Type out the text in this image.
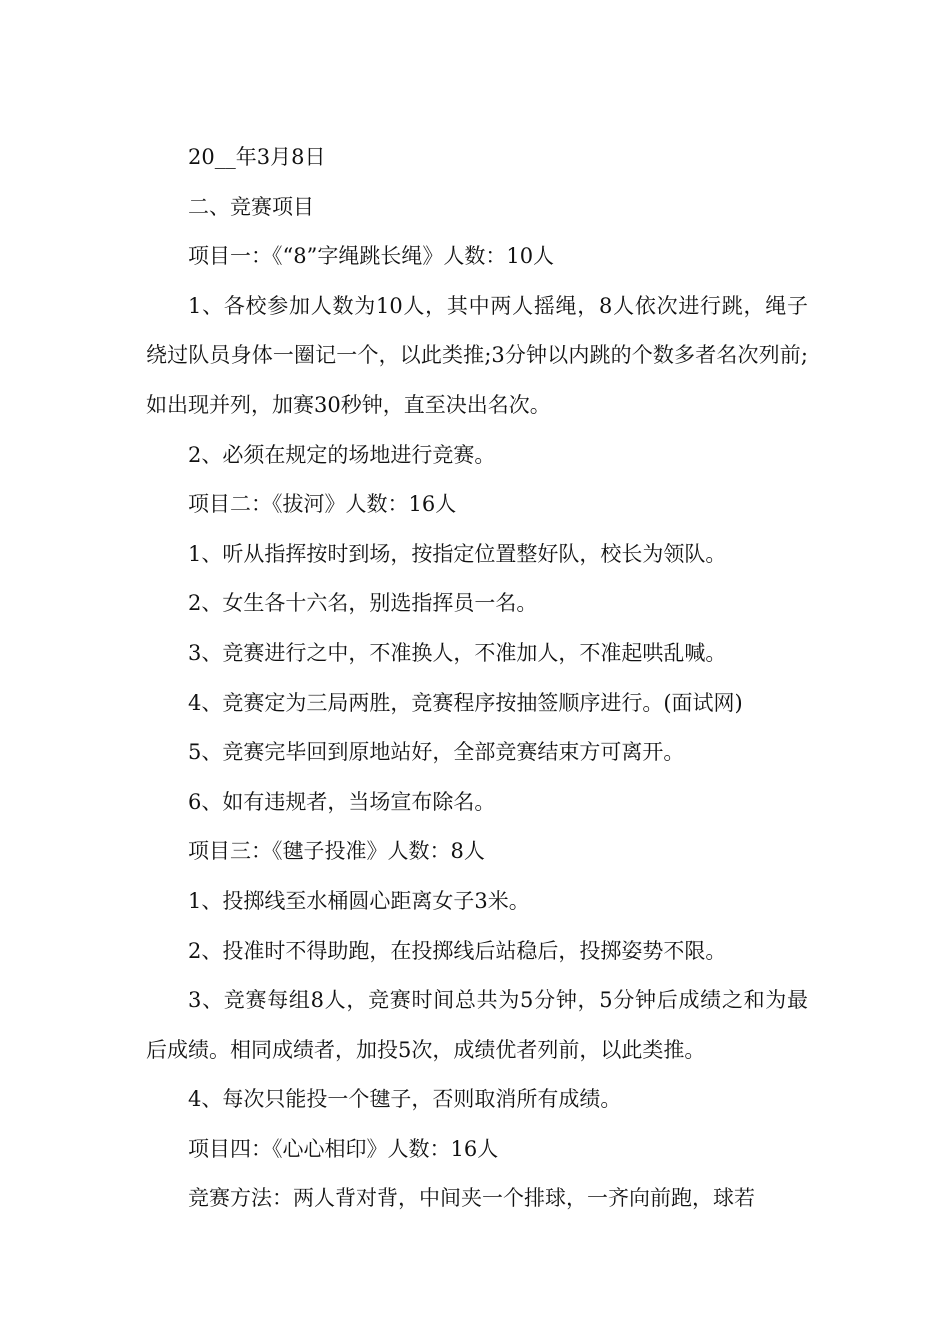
20__年3月8日

二、竞赛项目

项目一：《“8”字绳跳长绳》人数：10人

1、各校参加人数为10人，其中两人摇绳，8人依次进行跳，绳子绕过队员身体一圈记一个，以此类推;3分钟以内跳的个数多者名次列前;如出现并列，加赛30秒钟，直至决出名次。

2、必须在规定的场地进行竞赛。

项目二：《拔河》人数：16人

1、听从指挥按时到场，按指定位置整好队，校长为领队。

2、女生各十六名，别选指挥员一名。

3、竞赛进行之中，不准换人，不准加人，不准起哄乱喊。

4、竞赛定为三局两胜，竞赛程序按抽签顺序进行。(面试网)

5、竞赛完毕回到原地站好，全部竞赛结束方可离开。

6、如有违规者，当场宣布除名。

项目三：《毽子投准》人数：8人

1、投掷线至水桶圆心距离女子3米。

2、投准时不得助跑，在投掷线后站稳后，投掷姿势不限。

3、竞赛每组8人，竞赛时间总共为5分钟，5分钟后成绩之和为最后成绩。相同成绩者，加投5次，成绩优者列前，以此类推。

4、每次只能投一个毽子，否则取消所有成绩。

项目四：《心心相印》人数：16人

竞赛方法：两人背对背，中间夹一个排球，一齐向前跑，球若
